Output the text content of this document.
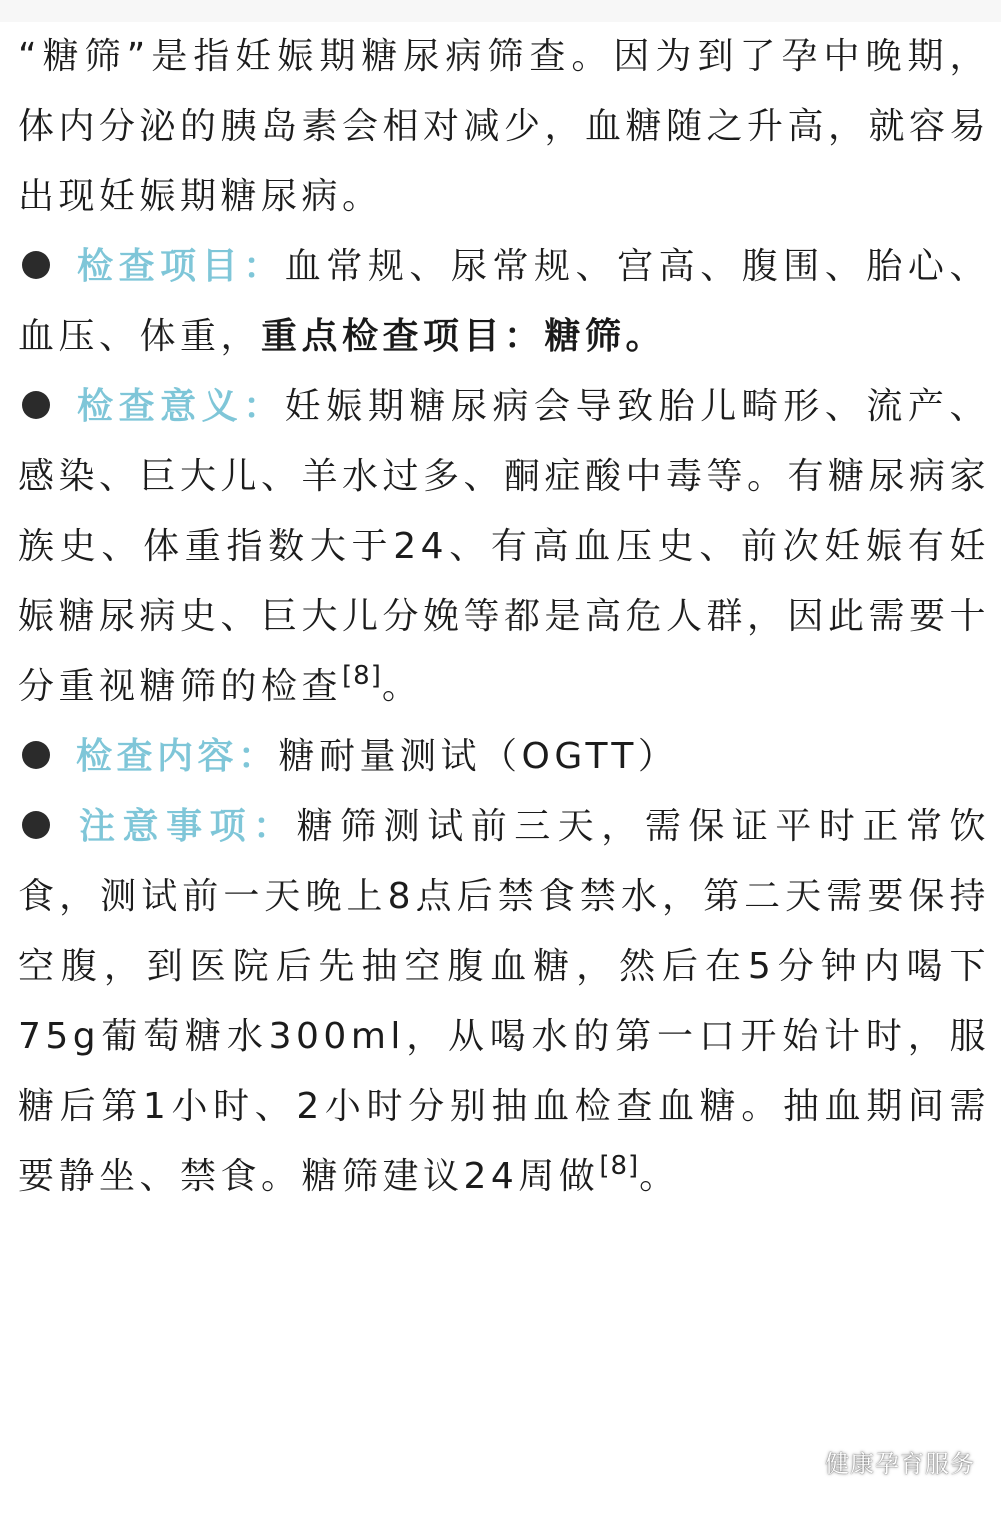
“糖筛”是指妊娠期糖尿病筛查。因为到了孕中晚期，体内分泌的胰岛素会相对减少，血糖随之升高，就容易出现妊娠期糖尿病。

检查项目：血常规、尿常规、宫高、腹围、胎心、血压、体重，重点检查项目：糖筛。

检查意义：妊娠期糖尿病会导致胎儿畸形、流产、感染、巨大儿、羊水过多、酮症酸中毒等。有糖尿病家族史、体重指数大于24、有高血压史、前次妊娠有妊娠糖尿病史、巨大儿分娩等都是高危人群，因此需要十分重视糖筛的检查[8]。

检查内容：糖耐量测试（OGTT）

注意事项：糖筛测试前三天，需保证平时正常饮食，测试前一天晚上8点后禁食禁水，第二天需要保持空腹，到医院后先抽空腹血糖，然后在5分钟内喝下75g葡萄糖水300ml，从喝水的第一口开始计时，服糖后第1小时、2小时分别抽血检查血糖。抽血期间需要静坐、禁食。糖筛建议24周做[8]。

健康孕育服务
